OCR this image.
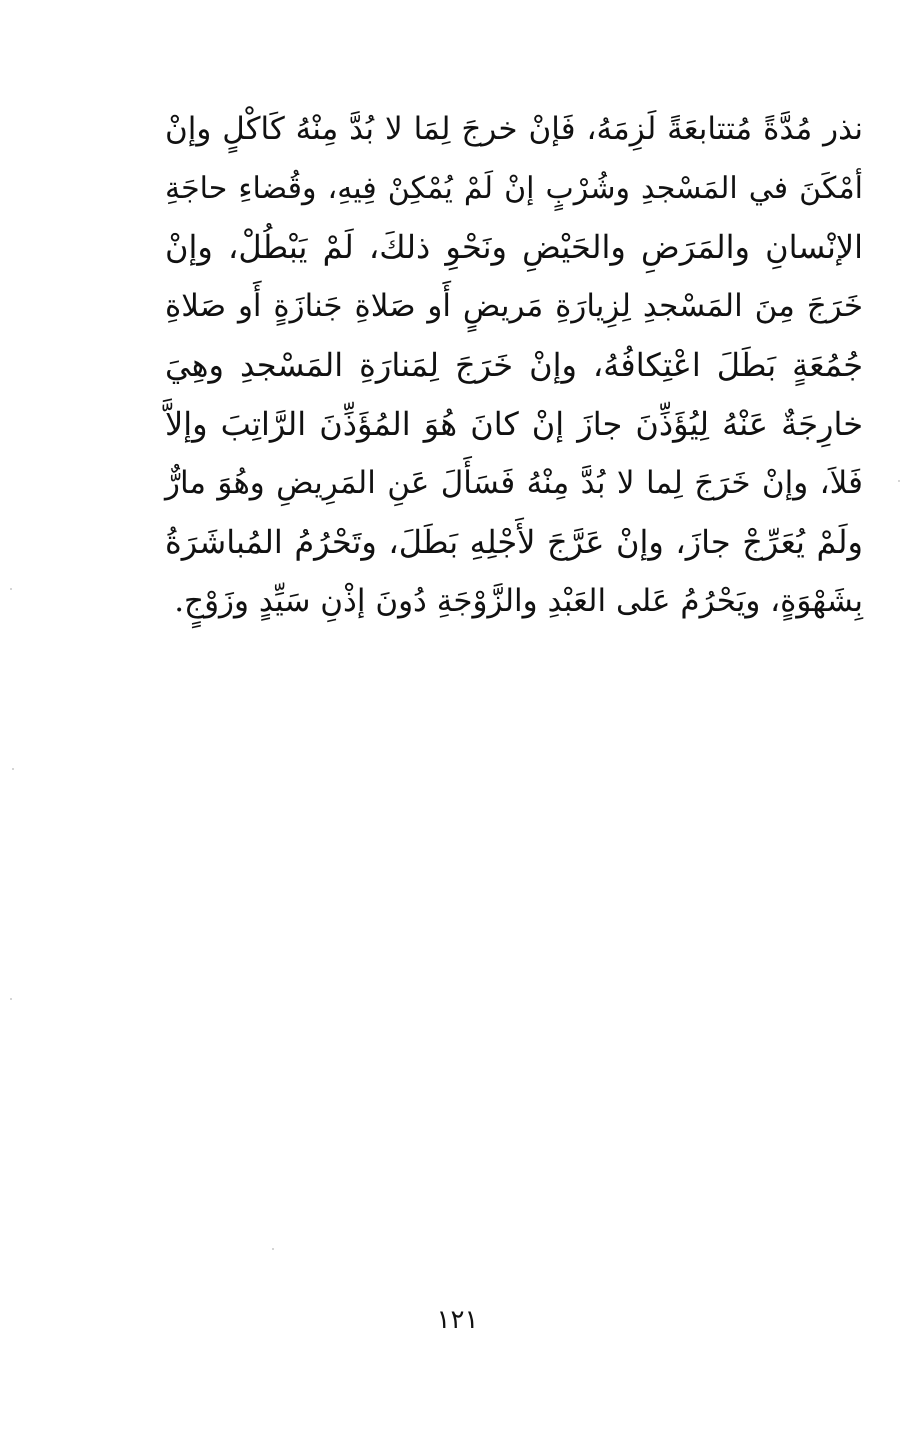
نذر مُدَّةً مُتتابعَةً لَزِمَهُ، فَإنْ خرجَ لِمَا لا بُدَّ مِنْهُ كَاكْلٍ وإنْ
أمْكَنَ في المَسْجدِ وشُرْبٍ إنْ لَمْ يُمْكِنْ فِيهِ، وقُضاءِ حاجَةِ
الإنْسانِ والمَرَضِ والحَيْضِ ونَحْوِ ذلكَ، لَمْ يَبْطُلْ، وإنْ
خَرَجَ مِنَ المَسْجدِ لِزِيارَةِ مَريضٍ أَو صَلاةِ جَنازَةٍ أَو صَلاةِ
جُمُعَةٍ بَطَلَ اعْتِكافُهُ، وإنْ خَرَجَ لِمَنارَةِ المَسْجدِ وهِيَ
خارِجَةٌ عَنْهُ لِيُؤَذِّنَ جازَ إنْ كانَ هُوَ المُؤَذِّنَ الرَّاتِبَ وإلاَّ
فَلاَ، وإنْ خَرَجَ لِما لا بُدَّ مِنْهُ فَسَأَلَ عَنِ المَرِيضِ وهُوَ مارٌّ
ولَمْ يُعَرِّجْ جازَ، وإنْ عَرَّجَ لأَجْلِهِ بَطَلَ، وتَحْرُمُ المُباشَرَةُ
بِشَهْوَةٍ، ويَحْرُمُ عَلى العَبْدِ والزَّوْجَةِ دُونَ إذْنِ سَيِّدٍ وزَوْجٍ.
١٢١
